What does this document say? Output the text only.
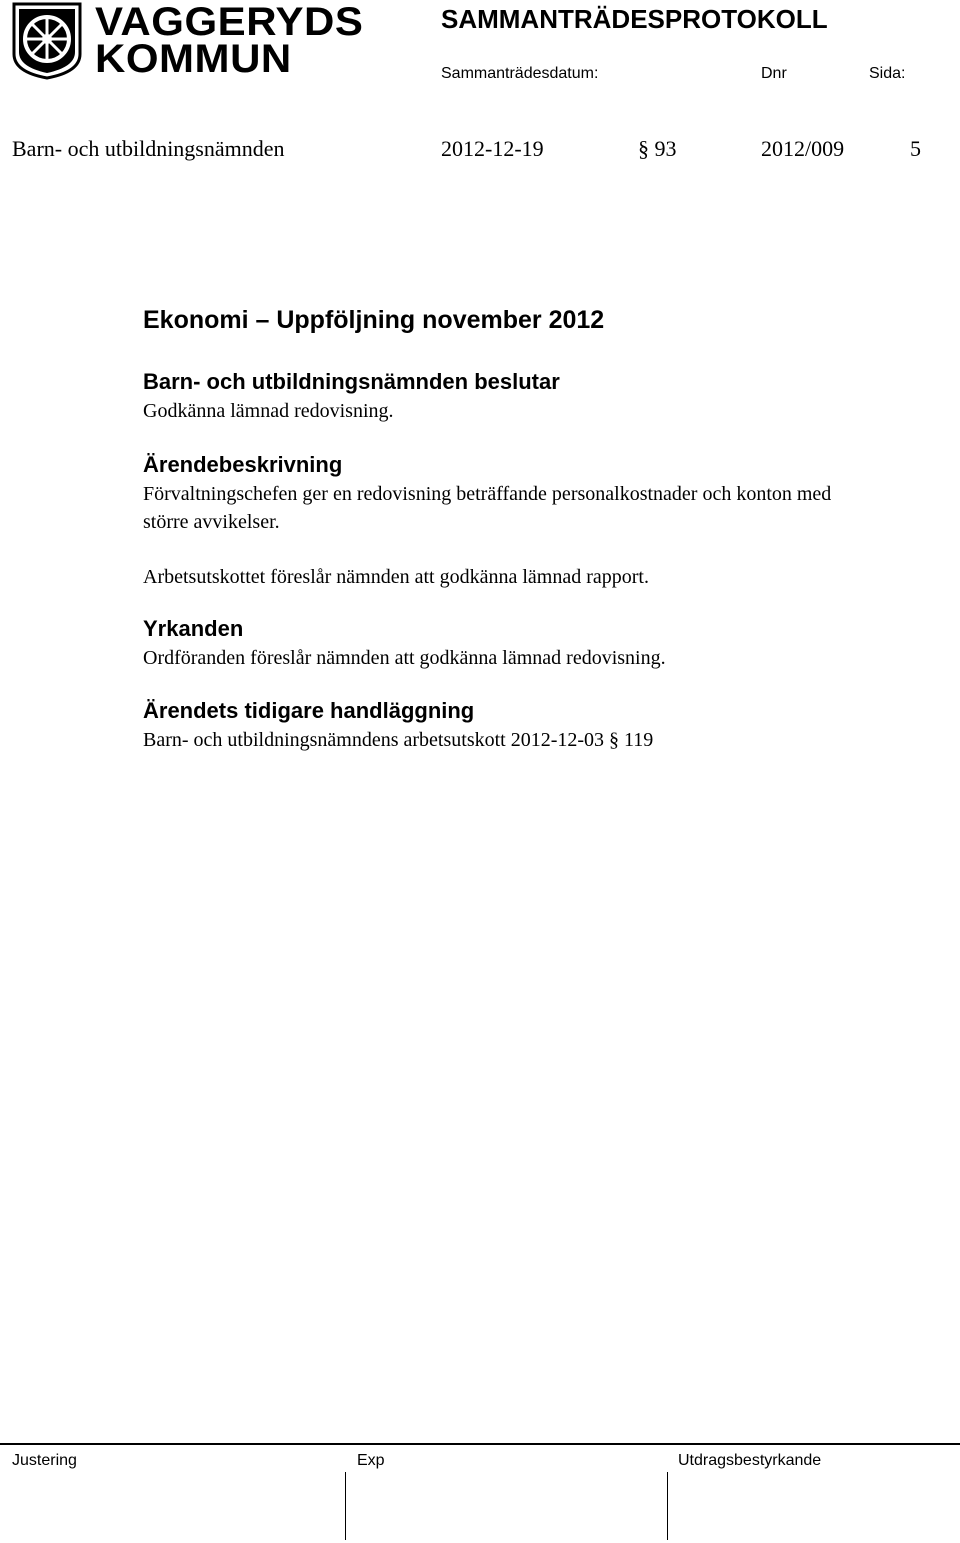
VAGGERYDS
KOMMUN
SAMMANTRÄDESPROTOKOLL
Sammanträdesdatum:	Dnr	Sida:
Barn- och utbildningsnämnden	2012-12-19	§ 93	2012/009	5
Ekonomi – Uppföljning november 2012
Barn- och utbildningsnämnden beslutar
Godkänna lämnad redovisning.
Ärendebeskrivning
Förvaltningschefen ger en redovisning beträffande personalkostnader och konton med större avvikelser.
Arbetsutskottet föreslår nämnden att godkänna lämnad rapport.
Yrkanden
Ordföranden föreslår nämnden att godkänna lämnad redovisning.
Ärendets tidigare handläggning
Barn- och utbildningsnämndens arbetsutskott 2012-12-03 § 119
Justering	Exp	Utdragsbestyrkande
